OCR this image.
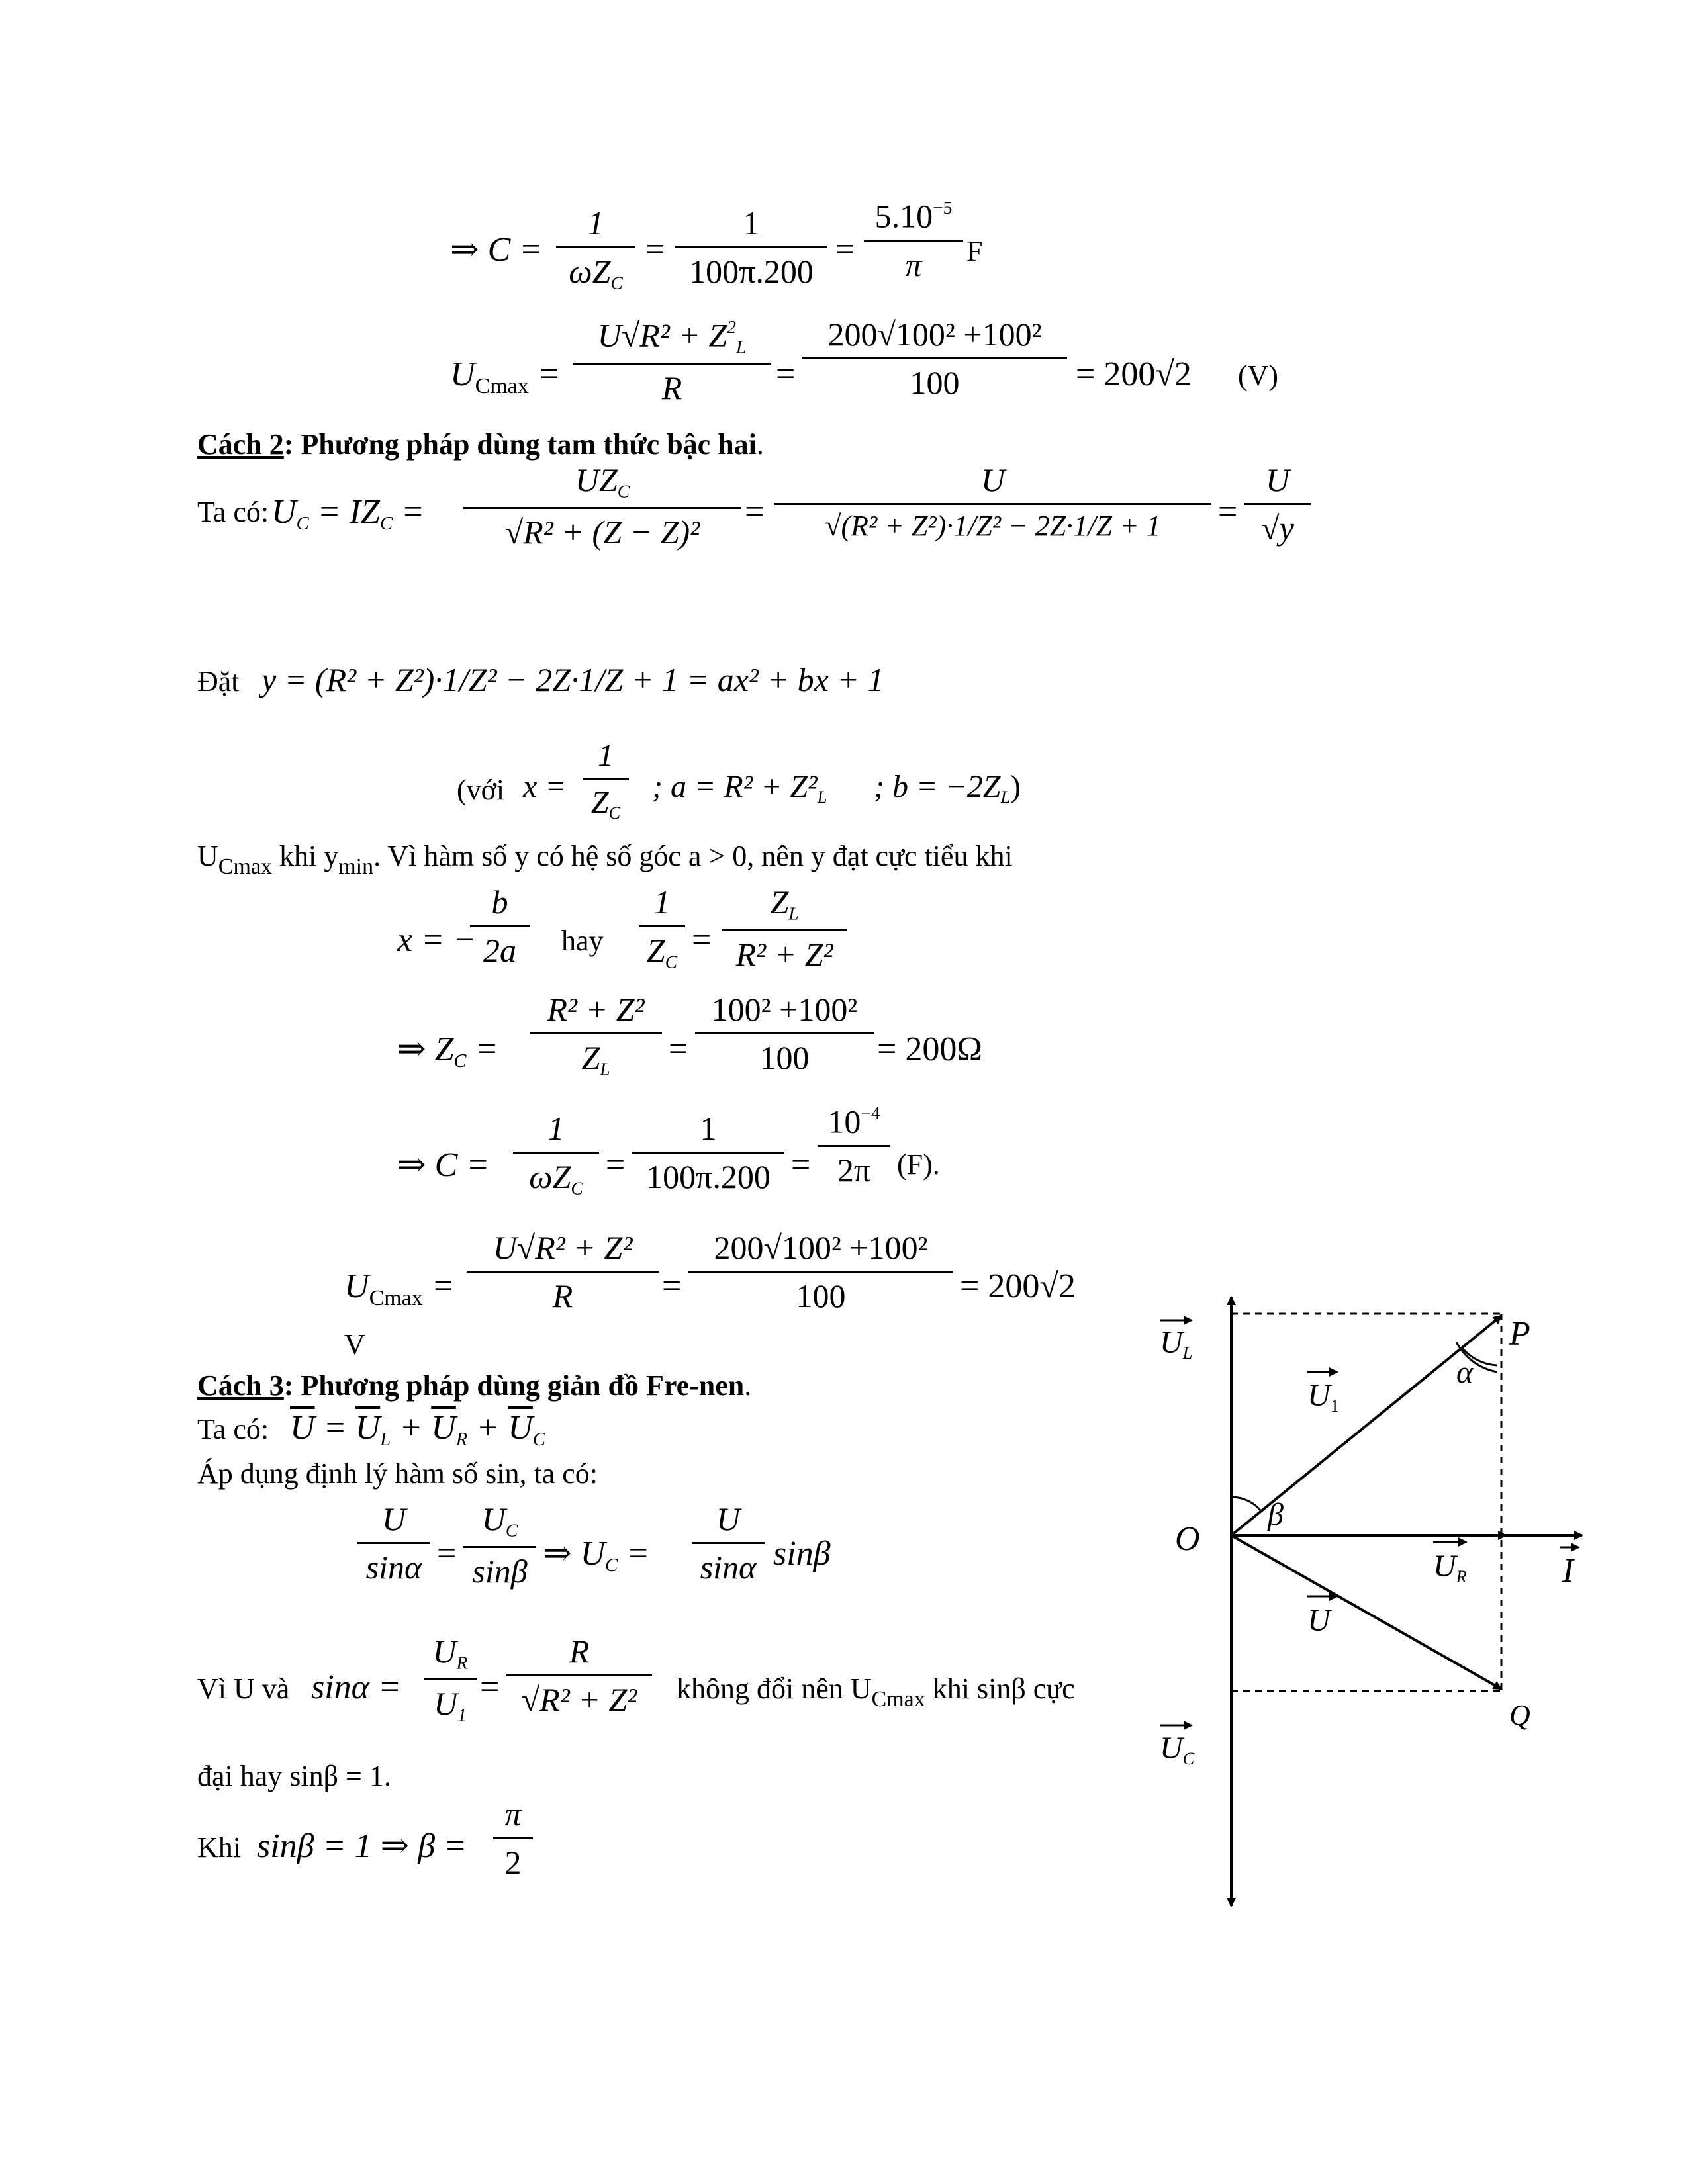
⇒ C =
1
$\omega Z_C$
= $\frac{1}{100\pi.200} = \frac{5.10^{-5}}{\pi}$ F
$U_{Cmax} = \frac{U√R^2 + Z^2_L}{R} = \frac{\text{200√100² +100²}}{100} = 200√2$ (V)
Cách 2: Phương pháp dùng tam thức bậc hai.
Ta có: $U_C = IZ_C$ =
$UZ_C$
√R² + (Z − Z)²
= $\frac{U}{\text{√(R² + Z²)·1/Z² − 2Z·1/Z + 1}} = \frac{U}{√y}$
Đặt y = (R² + Z²)·1/Z² − 2Z·1/Z + 1 = ax² + bx + 1
(với $x = \frac{1}{Z_C}$ ; $a = R^2 + Z^2_L$ ; $b = -2Z_L$)
$U_{Cmax}$ khi $y_{min}$. Vì hàm số y có hệ số góc a > 0, nên y đạt cực tiểu khi
x = −
$\frac{b}{2a}$ hay $\frac{1}{Z_C} = \frac{Z_L}{\text{R² + Z²}}$
⇒ $Z_C = \frac{\text{R² + Z²}}{Z_L} = \frac{\text{100² +100²}}{100} = 200\Omega$
⇒ C =
1
$\omega Z_C$
= $\frac{1}{100\pi.200} = \frac{10^{-4}}{2\pi} (F)$.
$U_{Cmax} = \frac{\text{U√R² + Z²}}{R} = \frac{\text{200√100² +100²}}{100} = 200√2$
V
Cách 3: Phương pháp dùng giản đồ Fre-nen.
Ta có: $\overline{U} = \overline{U}_L + \overline{U}_R + \overline{U}_C$
Áp dụng định lý hàm số sin, ta có:
$\frac{U}{\sin\alpha} = \frac{U_C}{\sin\beta}$ ⇒ $U_C = \frac{U}{\sin\alpha}$ sinβ
Vì U và $\sin\alpha = \frac{U_R}{U_1} = \frac{R}{\text{√R² + Z²}}$ không đổi nên $U_{Cmax}$ khi sinβ cực
đại hay sinβ = 1.
Khi sinβ = 1 ⇒ $\beta = \frac{\pi}{2}$
$U_L$
$U_1$
P
α
β
O
$U_R$	I
U
Q
$U_C$
